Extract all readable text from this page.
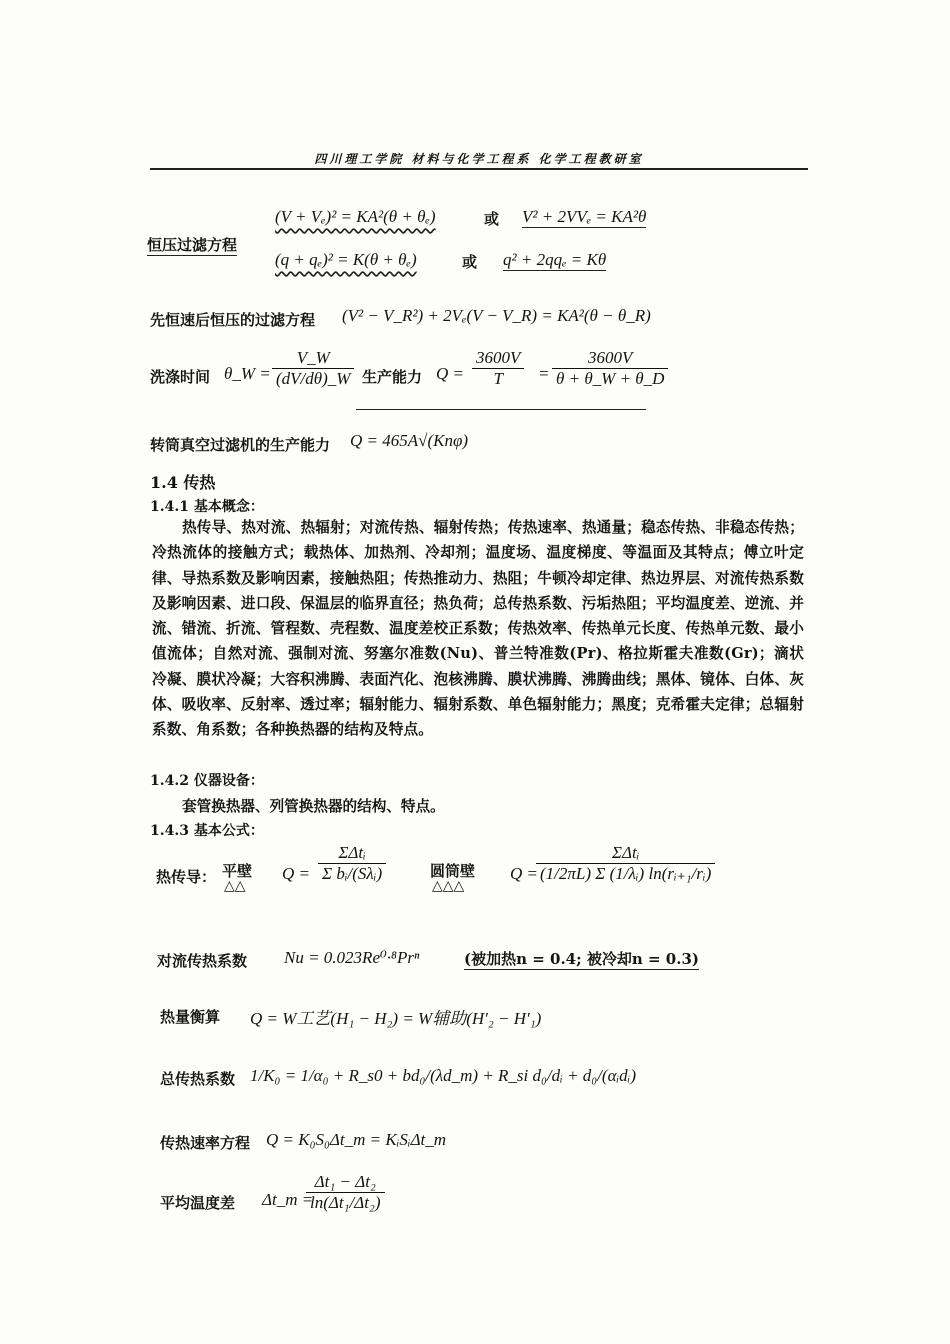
四川理工学院 材料与化学工程系 化学工程教研室
恒压过滤方程
(V + Vₑ)² = KA²(θ + θₑ)	或 V² + 2VVₑ = KA²θ
(q + qₑ)² = K(θ + θₑ)	或 q² + 2qqₑ = Kθ
先恒速后恒压的过滤方程 (V² − V_R²) + 2Vₑ(V − V_R) = KA²(θ − θ_R)
洗涤时间 θ_W = $\frac{V\_W}{(dV/d\theta)\_W}$ 生产能力 $Q = \frac{3600V}{T} = \frac{3600V}{\theta + \theta\_W + \theta\_D}$
转筒真空过滤机的生产能力 Q = 465A√(Knφ)
1.4 传热
1.4.1 基本概念：
热传导、热对流、热辐射；对流传热、辐射传热；传热速率、热通量；稳态传热、非稳态传热；冷热流体的接触方式；载热体、加热剂、冷却剂；温度场、温度梯度、等温面及其特点；傅立叶定律、导热系数及影响因素，接触热阻；传热推动力、热阻；牛顿冷却定律、热边界层、对流传热系数及影响因素、进口段、保温层的临界直径；热负荷；总传热系数、污垢热阻；平均温度差、逆流、并流、错流、折流、管程数、壳程数、温度差校正系数；传热效率、传热单元长度、传热单元数、最小值流体；自然对流、强制对流、努塞尔准数(Nu)、普兰特准数(Pr)、格拉斯霍夫准数(Gr)；滴状冷凝、膜状冷凝；大容积沸腾、表面汽化、泡核沸腾、膜状沸腾、沸腾曲线；黑体、镜体、白体、灰体、吸收率、反射率、透过率；辐射能力、辐射系数、单色辐射能力；黑度；克希霍夫定律；总辐射系数、角系数；各种换热器的结构及特点。
1.4.2 仪器设备：
套管换热器、列管换热器的结构、特点。
1.4.3 基本公式：
热传导： 平壁
△△
Q =
ΣΔtᵢ
Σ bᵢ/(Sλᵢ)	圆筒壁
△△△
Q =
ΣΔtᵢ
(1/2πL) Σ (1/λᵢ) ln(rᵢ₊₁/rᵢ)
对流传热系数 Nu = 0.023Re⁰·⁸Prⁿ	(被加热n = 0.4; 被冷却n = 0.3)
热量衡算 Q = W工艺(H₁ − H₂) = W辅助(H′₂ − H′₁)
总传热系数 1/K₀ = 1/α₀ + R_s0 + bd₀/(λd_m) + R_si d₀/dᵢ + d₀/(αᵢdᵢ)
传热速率方程 Q = K₀S₀Δt_m = KᵢSᵢΔt_m
平均温度差 Δt_m =
$\frac{\text{Δt₁ − Δt₂}}{\text{ln(Δt₁/Δt₂)}}$
